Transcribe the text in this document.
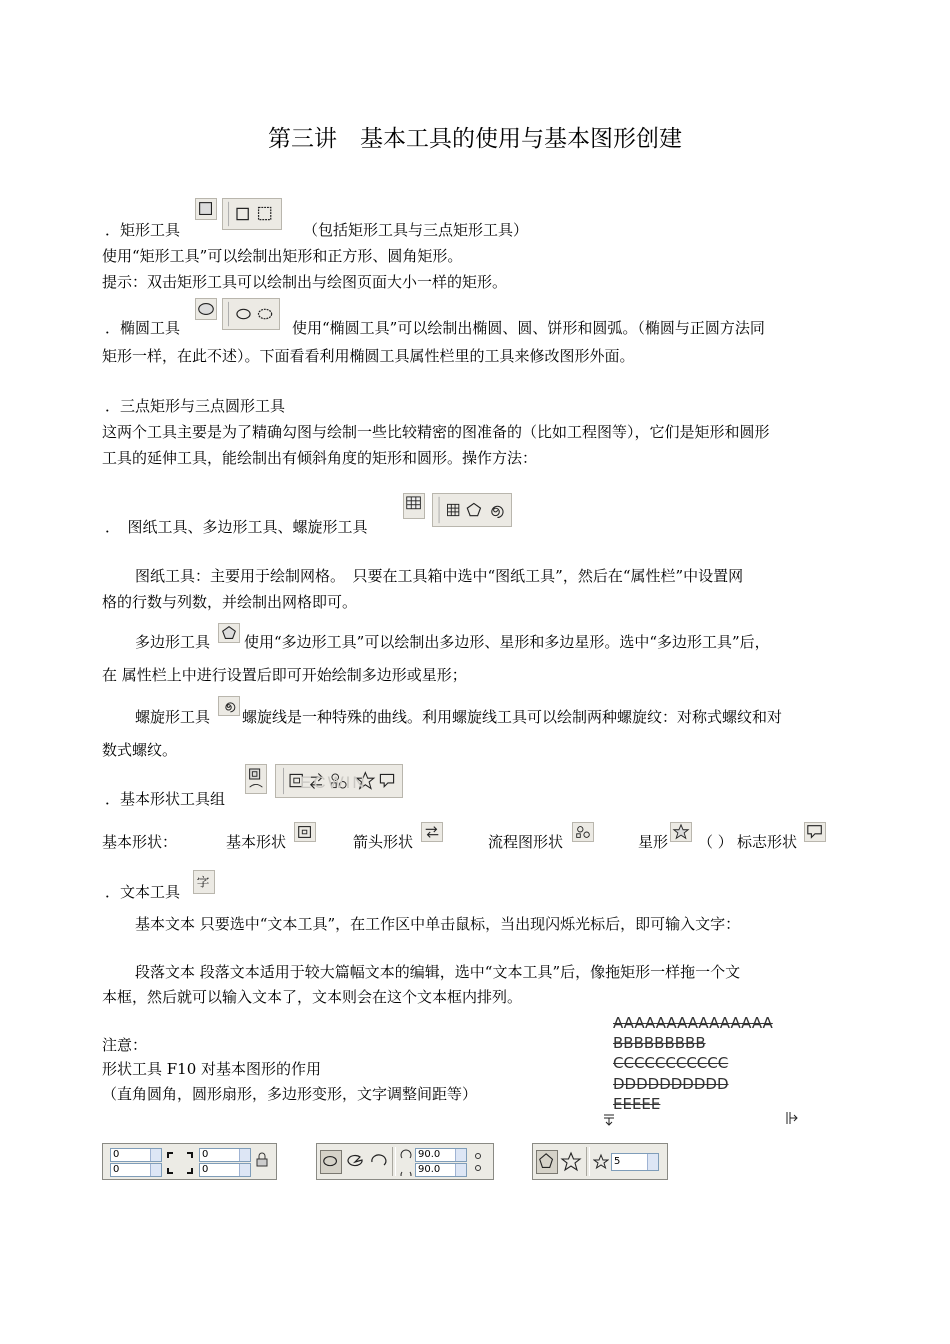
第三讲　基本工具的使用与基本图形创建
．矩形工具	（包括矩形工具与三点矩形工具）
使用“矩形工具”可以绘制出矩形和正方形、圆角矩形。
提示：双击矩形工具可以绘制出与绘图页面大小一样的矩形。
．椭圆工具	使用“椭圆工具”可以绘制出椭圆、圆、饼形和圆弧。（椭圆与正圆方法同
矩形一样，在此不述）。下面看看利用椭圆工具属性栏里的工具来修改图形外面。
．三点矩形与三点圆形工具
这两个工具主要是为了精确勾图与绘制一些比较精密的图准备的（比如工程图等），它们是矩形和圆形
工具的延伸工具，能绘制出有倾斜角度的矩形和圆形。操作方法：
．　图纸工具、多边形工具、螺旋形工具
图纸工具：主要用于绘制网格。　只要在工具箱中选中“图纸工具”，然后在“属性栏”中设置网
格的行数与列数，并绘制出网格即可。
多边形工具 使用“多边形工具”可以绘制出多边形、星形和多边星形。选中“多边形工具”后，
在 属性栏上中进行设置后即可开始绘制多边形或星形；
螺旋形工具 螺旋线是一种特殊的曲线。利用螺旋线工具可以绘制两种螺旋纹：对称式螺纹和对
数式螺纹。
．基本形状工具组
ECWIN
基本形状：	基本形状	箭头形状	流程图形状	星形 （ ） 标志形状
．文本工具
字
基本文本 只要选中“文本工具”，在工作区中单击鼠标，当出现闪烁光标后，即可输入文字：
段落文本 段落文本适用于较大篇幅文本的编辑，选中“文本工具”后，像拖矩形一样拖一个文
本框，然后就可以输入文本了，文本则会在这个文本框内排列。
注意：
形状工具 F10 对基本图形的作用
（直角圆角，圆形扇形，多边形变形，文字调整间距等）
AAAAAAAAAAAAAAA
BBBBBBBBB
CCCCCCCCCCC
DDDDDDDDDD
EEEEE
0
0
0
0
90.0
90.0
5
